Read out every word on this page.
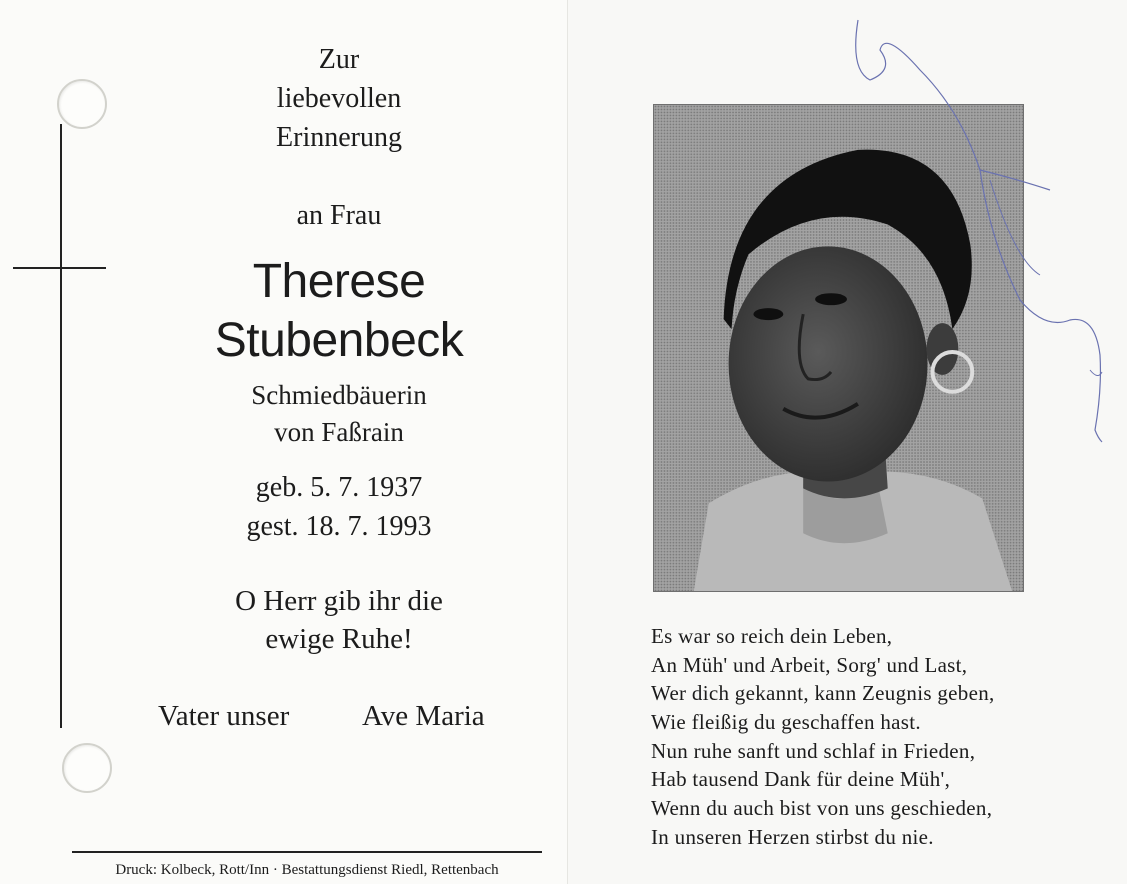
Zur
liebevollen
Erinnerung
an Frau
Therese
Stubenbeck
Schmiedbäuerin
von Faßrain
geb. 5. 7. 1937
gest. 18. 7. 1993
O Herr gib ihr die
ewige Ruhe!
Vater unser	Ave Maria
Druck: Kolbeck, Rott/Inn · Bestattungsdienst Riedl, Rettenbach
Es war so reich dein Leben,
An Müh' und Arbeit, Sorg' und Last,
Wer dich gekannt, kann Zeugnis geben,
Wie fleißig du geschaffen hast.
Nun ruhe sanft und schlaf in Frieden,
Hab tausend Dank für deine Müh',
Wenn du auch bist von uns geschieden,
In unseren Herzen stirbst du nie.
